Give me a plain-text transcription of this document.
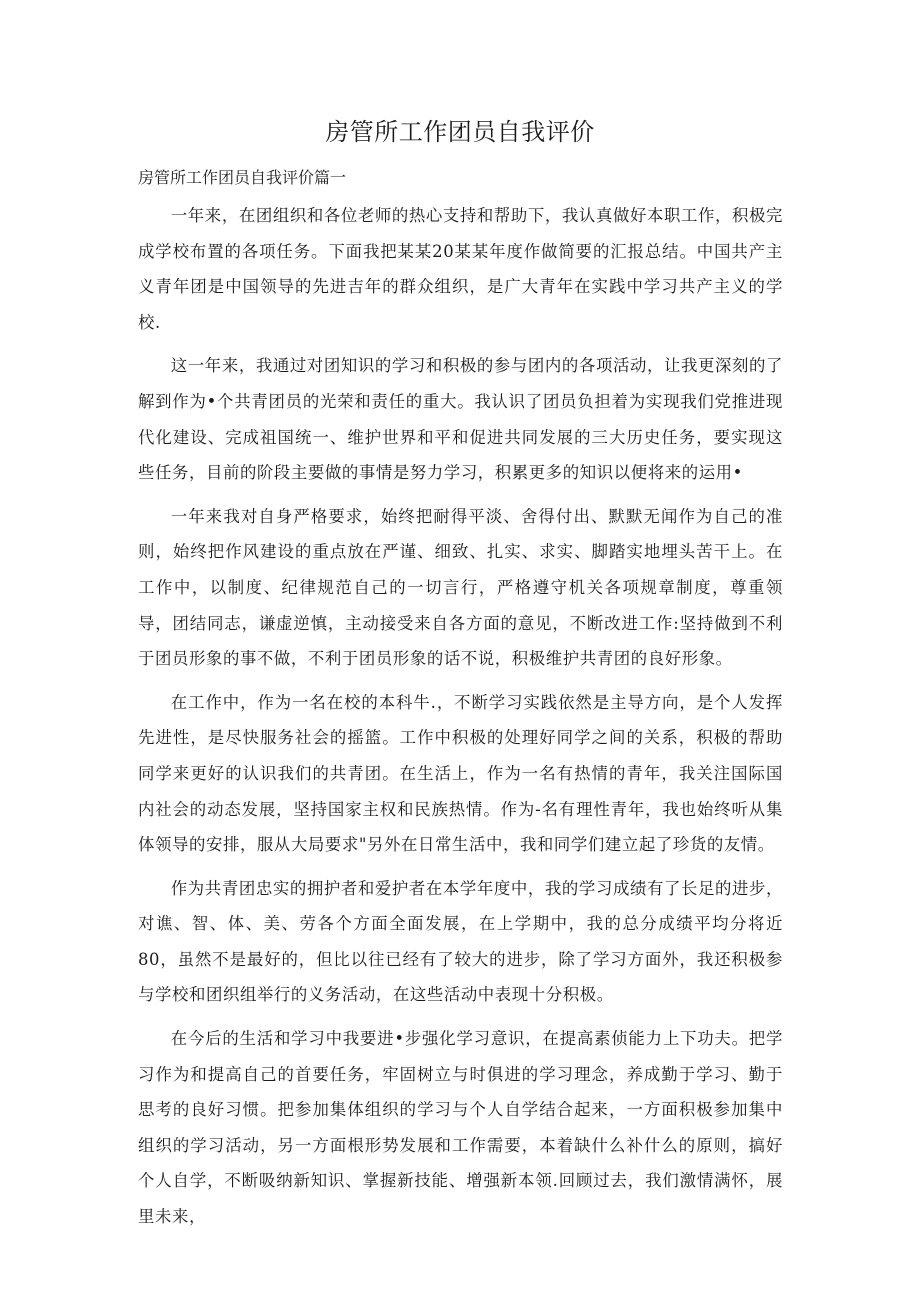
房管所工作团员自我评价

房管所工作团员自我评价篇一

一年来，在团组织和各位老师的热心支持和帮助下，我认真做好本职工作，积极完成学校布置的各项任务。下面我把某某20某某年度作做简要的汇报总结。中国共产主义青年团是中国领导的先进吉年的群众组织，是广大青年在实践中学习共产主义的学校.

这一年来，我通过对团知识的学习和积极的参与团内的各项活动，让我更深刻的了解到作为•个共青团员的光荣和责任的重大。我认识了团员负担着为实现我们党推进现代化建设、完成祖国统一、维护世界和平和促进共同发展的三大历史任务，要实现这些任务，目前的阶段主要做的事情是努力学习，积累更多的知识以便将来的运用•

一年来我对自身严格要求，始终把耐得平淡、舍得付出、默默无闻作为自己的准则，始终把作风建设的重点放在严谨、细致、扎实、求实、脚踏实地埋头苦干上。在工作中，以制度、纪律规范自己的一切言行，严格遵守机关各项规章制度，尊重领导，团结同志，谦虚逆慎，主动接受来自各方面的意见，不断改进工作:坚持做到不利于团员形象的事不做，不利于团员形象的话不说，积极维护共青团的良好形象。

在工作中，作为一名在校的本科牛.，不断学习实践依然是主导方向，是个人发挥先进性，是尽快服务社会的摇篮。工作中积极的处理好同学之间的关系，积极的帮助同学来更好的认识我们的共青团。在生活上，作为一名有热情的青年，我关注国际国内社会的动态发展，坚持国家主权和民族热情。作为-名有理性青年，我也始终听从集体领导的安排，服从大局要求"另外在日常生活中，我和同学们建立起了珍货的友情。

作为共青团忠实的拥护者和爱护者在本学年度中，我的学习成绩有了长足的进步，对谯、智、体、美、劳各个方面全面发展，在上学期中，我的总分成绩平均分将近80，虽然不是最好的，但比以往已经有了较大的进步，除了学习方面外，我还积极参与学校和团织组举行的义务活动，在这些活动中表现十分积极。

在今后的生活和学习中我要进•步强化学习意识，在提高素侦能力上下功夫。把学习作为和提高自己的首要任务，牢固树立与时俱进的学习理念，养成勤于学习、勤于思考的良好习惯。把参加集体组织的学习与个人自学结合起来，一方面积极参加集中组织的学习活动，另一方面根形势发展和工作需要，本着缺什么补什么的原则，搞好个人自学，不断吸纳新知识、掌握新技能、增强新本领.回顾过去，我们激情满怀，展里未来，
